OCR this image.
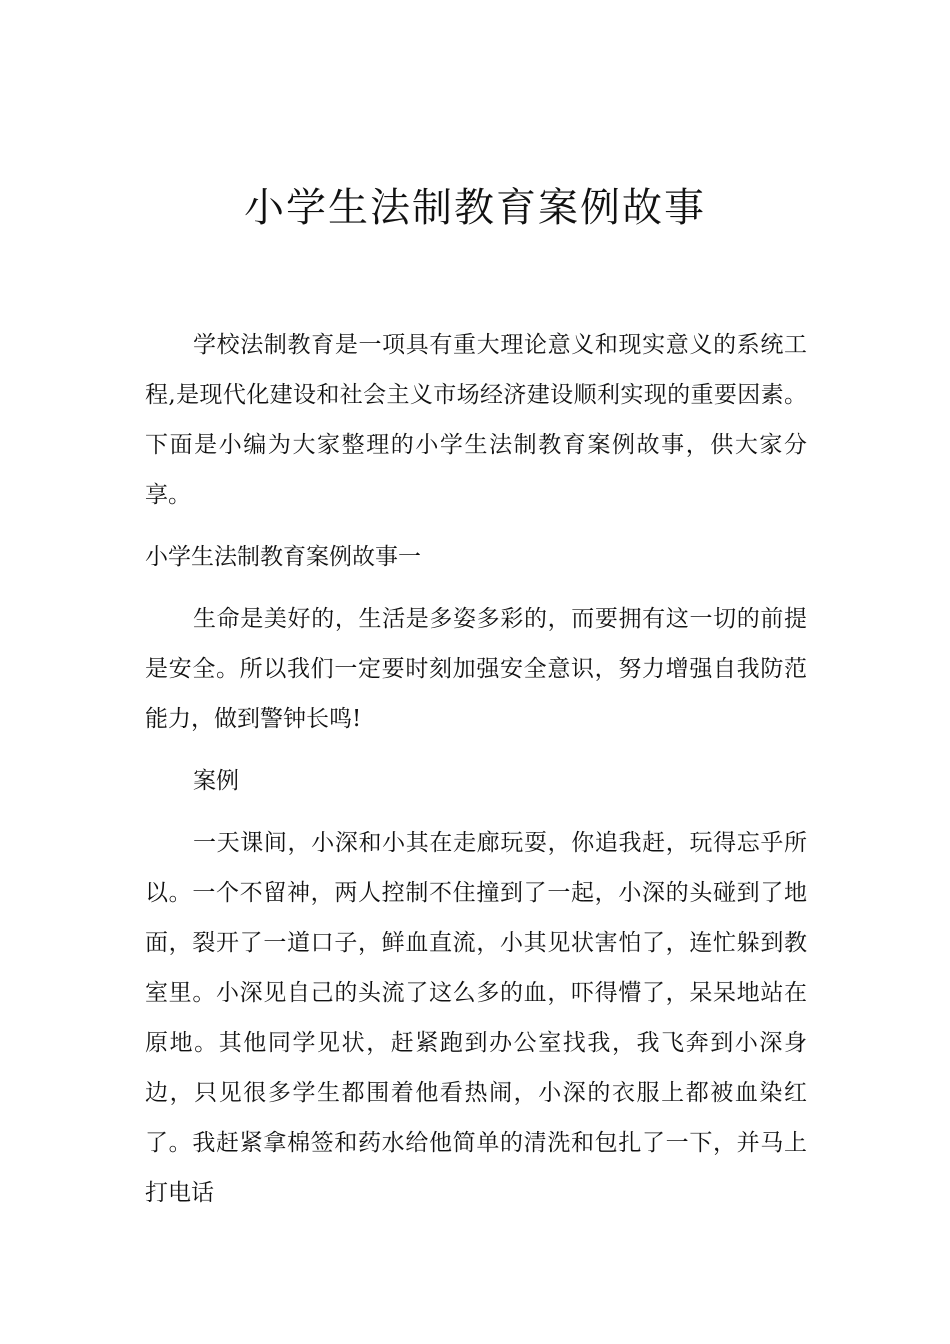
小学生法制教育案例故事

学校法制教育是一项具有重大理论意义和现实意义的系统工程,是现代化建设和社会主义市场经济建设顺利实现的重要因素。下面是小编为大家整理的小学生法制教育案例故事，供大家分享。

小学生法制教育案例故事一

生命是美好的，生活是多姿多彩的，而要拥有这一切的前提是安全。所以我们一定要时刻加强安全意识，努力增强自我防范能力，做到警钟长鸣!

案例

一天课间，小深和小其在走廊玩耍，你追我赶，玩得忘乎所以。一个不留神，两人控制不住撞到了一起，小深的头碰到了地面，裂开了一道口子，鲜血直流，小其见状害怕了，连忙躲到教室里。小深见自己的头流了这么多的血，吓得懵了，呆呆地站在原地。其他同学见状，赶紧跑到办公室找我，我飞奔到小深身边，只见很多学生都围着他看热闹，小深的衣服上都被血染红了。我赶紧拿棉签和药水给他简单的清洗和包扎了一下，并马上打电话
